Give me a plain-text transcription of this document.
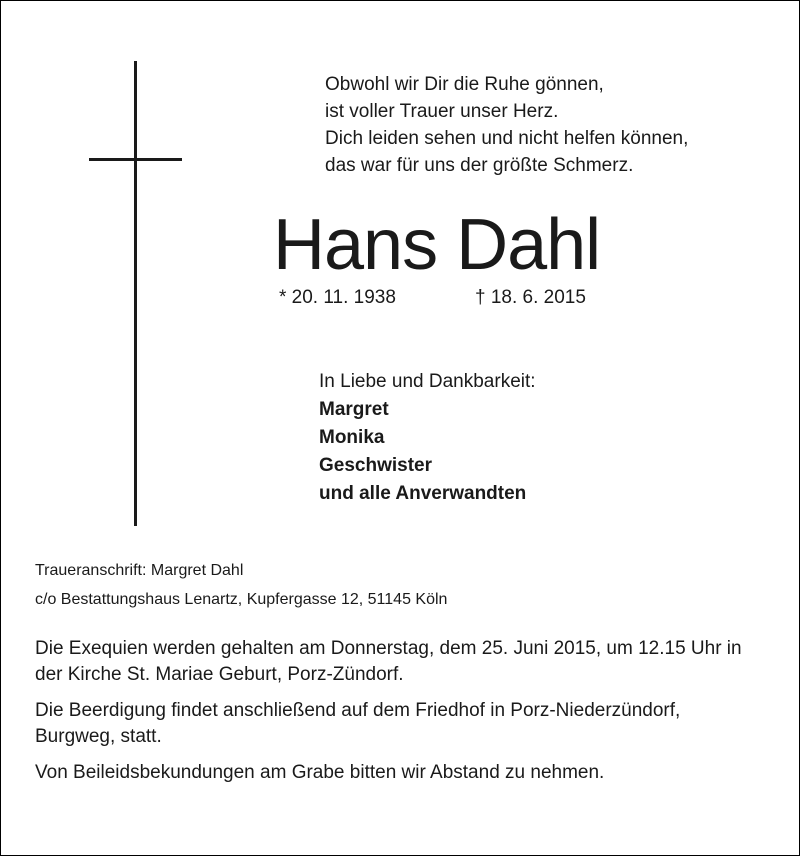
Obwohl wir Dir die Ruhe gönnen,
ist voller Trauer unser Herz.
Dich leiden sehen und nicht helfen können,
das war für uns der größte Schmerz.
Hans Dahl
* 20. 11. 1938	† 18. 6. 2015
In Liebe und Dankbarkeit:
Margret
Monika
Geschwister
und alle Anverwandten
Traueranschrift: Margret Dahl
c/o Bestattungshaus Lenartz, Kupfergasse 12, 51145 Köln

Die Exequien werden gehalten am Donnerstag, dem 25. Juni 2015, um 12.15 Uhr in der Kirche St. Mariae Geburt, Porz-Zündorf.

Die Beerdigung findet anschließend auf dem Friedhof in Porz-Niederzündorf, Burgweg, statt.

Von Beileidsbekundungen am Grabe bitten wir Abstand zu nehmen.
